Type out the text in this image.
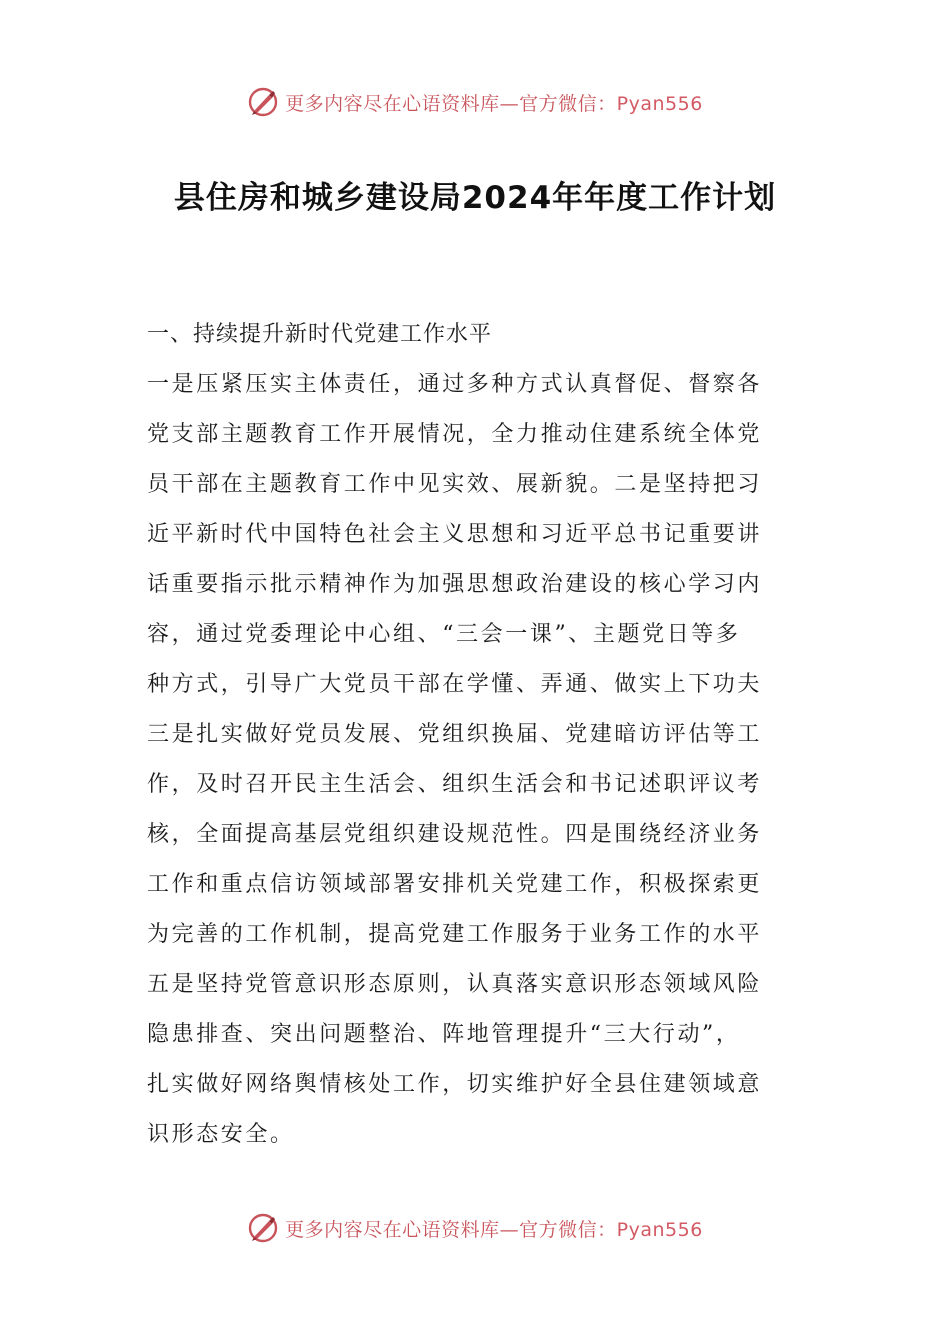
更多内容尽在心语资料库—官方微信：Pyan556
县住房和城乡建设局2024年年度工作计划
一、持续提升新时代党建工作水平
一是压紧压实主体责任，通过多种方式认真督促、督察各
党支部主题教育工作开展情况，全力推动住建系统全体党
员干部在主题教育工作中见实效、展新貌。二是坚持把习
近平新时代中国特色社会主义思想和习近平总书记重要讲
话重要指示批示精神作为加强思想政治建设的核心学习内
容，通过党委理论中心组、“三会一课”、主题党日等多
种方式，引导广大党员干部在学懂、弄通、做实上下功夫
三是扎实做好党员发展、党组织换届、党建暗访评估等工
作，及时召开民主生活会、组织生活会和书记述职评议考
核，全面提高基层党组织建设规范性。四是围绕经济业务
工作和重点信访领域部署安排机关党建工作，积极探索更
为完善的工作机制，提高党建工作服务于业务工作的水平
五是坚持党管意识形态原则，认真落实意识形态领域风险
隐患排查、突出问题整治、阵地管理提升“三大行动”，
扎实做好网络舆情核处工作，切实维护好全县住建领域意
识形态安全。
更多内容尽在心语资料库—官方微信：Pyan556
